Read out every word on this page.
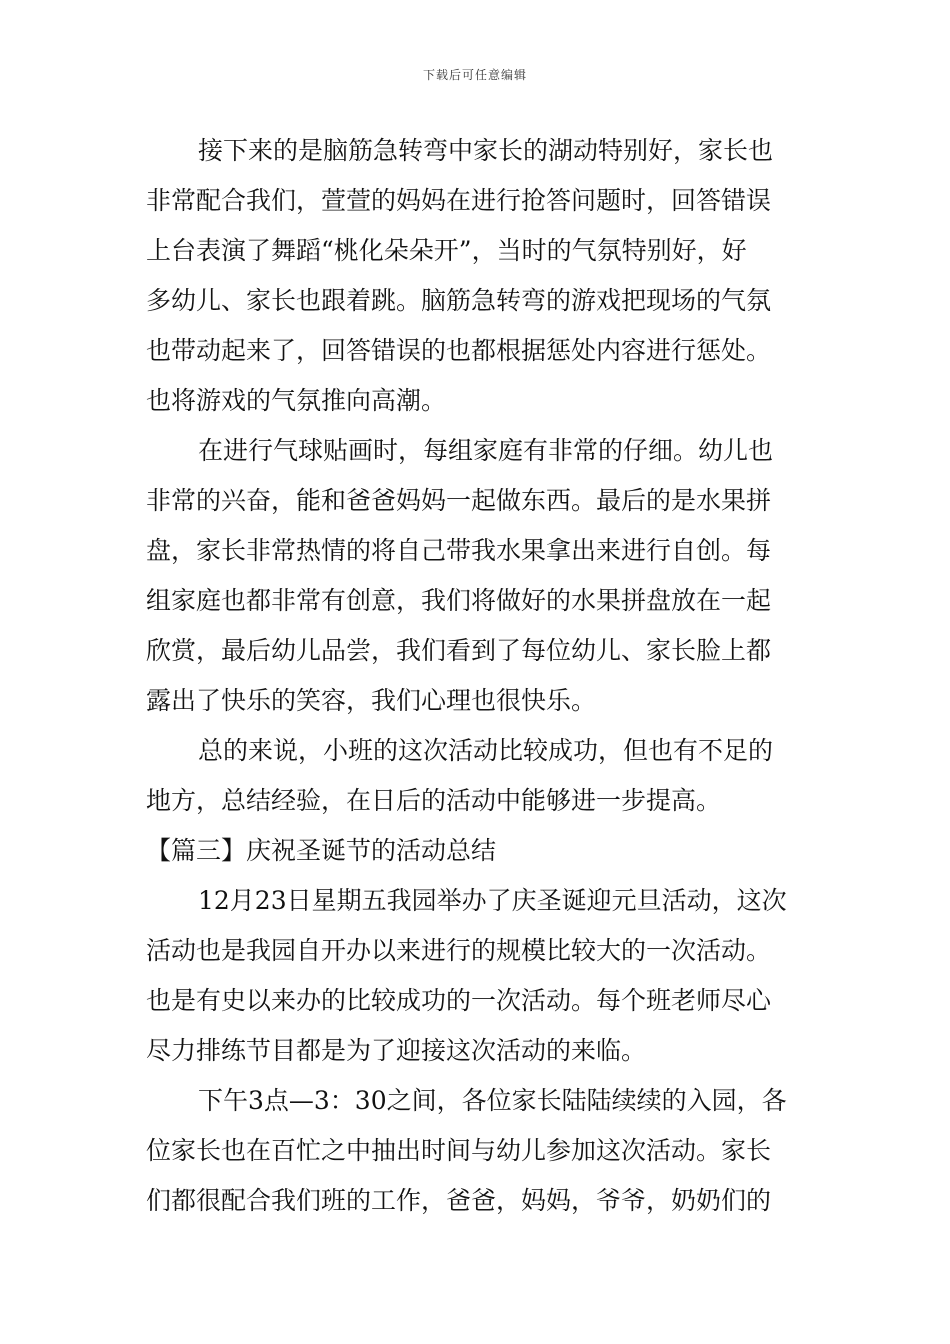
下载后可任意编辑
接下来的是脑筋急转弯中家长的湖动特别好，家长也
非常配合我们，萱萱的妈妈在进行抢答问题时，回答错误
上台表演了舞蹈“桃化朵朵开”，当时的气氛特别好，好
多幼儿、家长也跟着跳。脑筋急转弯的游戏把现场的气氛
也带动起来了，回答错误的也都根据惩处内容进行惩处。
也将游戏的气氛推向高潮。
在进行气球贴画时，每组家庭有非常的仔细。幼儿也
非常的兴奋，能和爸爸妈妈一起做东西。最后的是水果拼
盘，家长非常热情的将自己带我水果拿出来进行自创。每
组家庭也都非常有创意，我们将做好的水果拼盘放在一起
欣赏，最后幼儿品尝，我们看到了每位幼儿、家长脸上都
露出了快乐的笑容，我们心理也很快乐。
总的来说，小班的这次活动比较成功，但也有不足的
地方，总结经验，在日后的活动中能够进一步提高。
【篇三】庆祝圣诞节的活动总结
12月23日星期五我园举办了庆圣诞迎元旦活动，这次
活动也是我园自开办以来进行的规模比较大的一次活动。
也是有史以来办的比较成功的一次活动。每个班老师尽心
尽力排练节目都是为了迎接这次活动的来临。
下午3点—3：30之间，各位家长陆陆续续的入园，各
位家长也在百忙之中抽出时间与幼儿参加这次活动。家长
们都很配合我们班的工作，爸爸，妈妈，爷爷，奶奶们的
